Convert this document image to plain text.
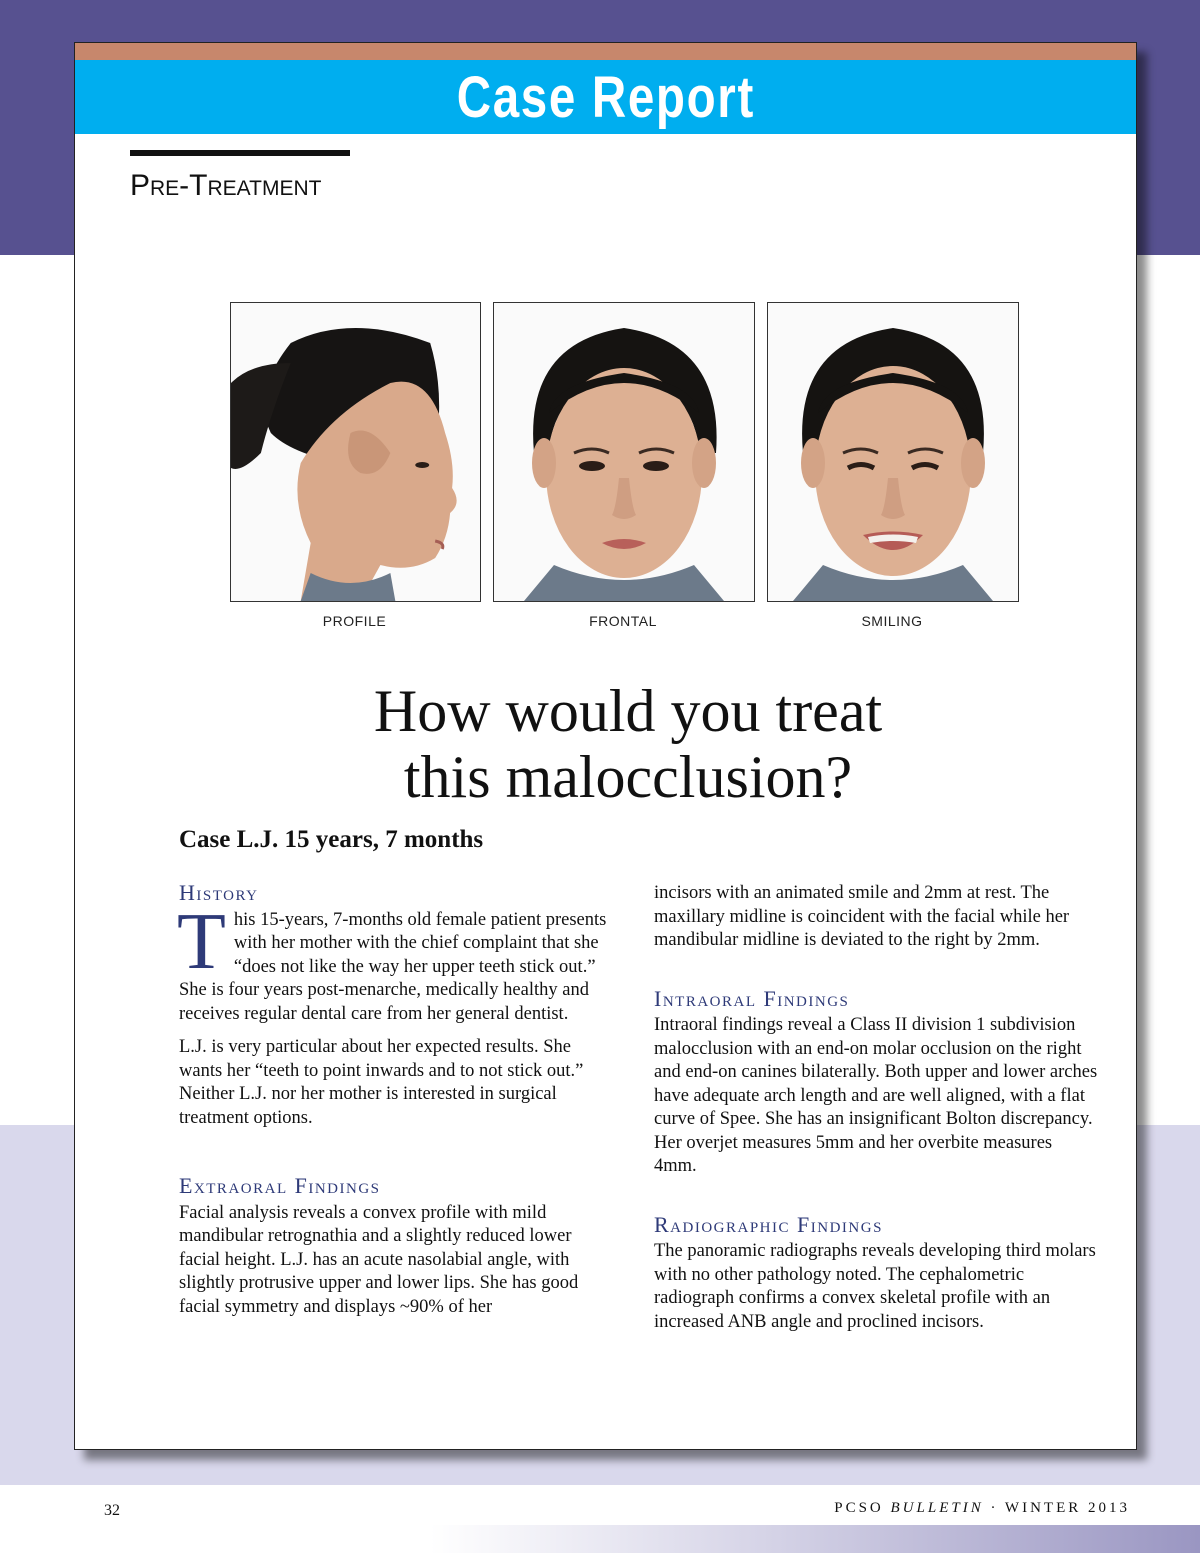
Case Report
Pre-Treatment
PROFILE	FRONTAL	SMILING
How would you treat
this malocclusion?
Case L.J. 15 years, 7 months
History

This 15-years, 7-months old female patient presents with her mother with the chief complaint that she “does not like the way her upper teeth stick out.” She is four years post-menarche, medically healthy and receives regular dental care from her general dentist.

L.J. is very particular about her expected results. She wants her “teeth to point inwards and to not stick out.” Neither L.J. nor her mother is interested in surgical treatment options.

Extraoral Findings

Facial analysis reveals a convex profile with mild mandibular retrognathia and a slightly reduced lower facial height. L.J. has an acute nasolabial angle, with slightly protrusive upper and lower lips. She has good facial symmetry and displays ~90% of her

incisors with an animated smile and 2mm at rest. The maxillary midline is coincident with the facial while her mandibular midline is deviated to the right by 2mm.

Intraoral Findings

Intraoral findings reveal a Class II division 1 subdivision malocclusion with an end-on molar occlusion on the right and end-on canines bilaterally. Both upper and lower arches have adequate arch length and are well aligned, with a flat curve of Spee. She has an insignificant Bolton discrepancy. Her overjet measures 5mm and her overbite measures 4mm.

Radiographic Findings

The panoramic radiographs reveals developing third molars with no other pathology noted. The cephalometric radiograph confirms a convex skeletal profile with an increased ANB angle and proclined incisors.

32	PCSO BULLETIN · WINTER 2013
